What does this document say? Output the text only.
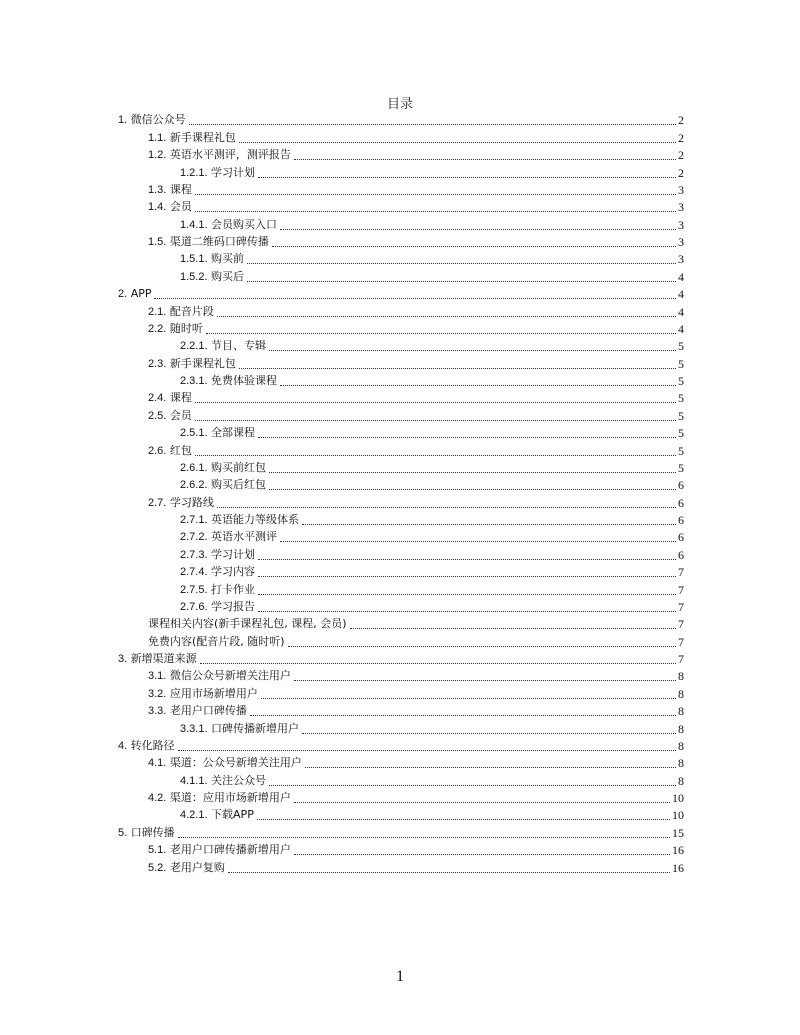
目录
1. 微信公众号	2
1.1. 新手课程礼包	2
1.2. 英语水平测评，测评报告	2
1.2.1. 学习计划	2
1.3. 课程	3
1.4. 会员	3
1.4.1. 会员购买入口	3
1.5. 渠道二维码口碑传播	3
1.5.1. 购买前	3
1.5.2. 购买后	4
2. APP	4
2.1. 配音片段	4
2.2. 随时听	4
2.2.1. 节目、专辑	5
2.3. 新手课程礼包	5
2.3.1. 免费体验课程	5
2.4. 课程	5
2.5. 会员	5
2.5.1. 全部课程	5
2.6. 红包	5
2.6.1. 购买前红包	5
2.6.2. 购买后红包	6
2.7. 学习路线	6
2.7.1. 英语能力等级体系	6
2.7.2. 英语水平测评	6
2.7.3. 学习计划	6
2.7.4. 学习内容	7
2.7.5. 打卡作业	7
2.7.6. 学习报告	7
课程相关内容(新手课程礼包, 课程, 会员)	7
免费内容(配音片段, 随时听)	7
3. 新增渠道来源	7
3.1. 微信公众号新增关注用户	8
3.2. 应用市场新增用户	8
3.3. 老用户口碑传播	8
3.3.1. 口碑传播新增用户	8
4. 转化路径	8
4.1. 渠道：公众号新增关注用户	8
4.1.1. 关注公众号	8
4.2. 渠道：应用市场新增用户	10
4.2.1. 下载APP	10
5. 口碑传播	15
5.1. 老用户口碑传播新增用户	16
5.2. 老用户复购	16
1
